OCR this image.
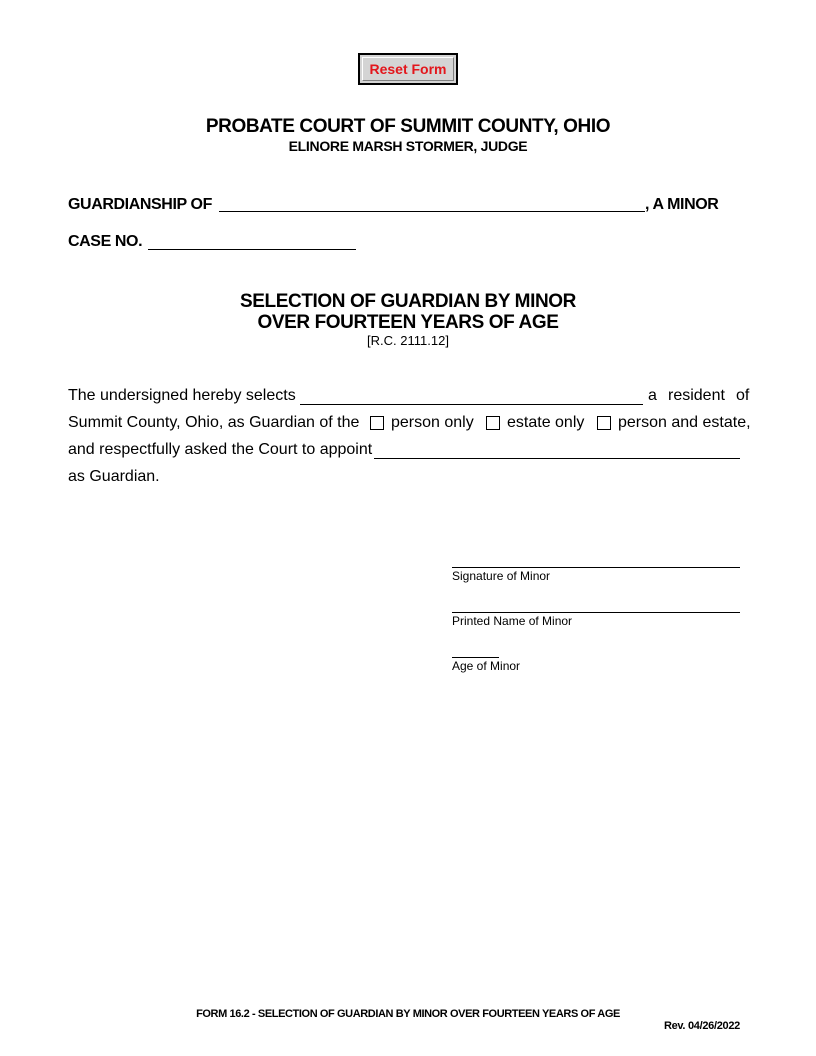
Reset Form
PROBATE COURT OF SUMMIT COUNTY, OHIO
ELINORE MARSH STORMER, JUDGE
GUARDIANSHIP OF	, A MINOR
CASE NO.
SELECTION OF GUARDIAN BY MINOR
OVER FOURTEEN YEARS OF AGE
[R.C. 2111.12]
The undersigned hereby selects	a resident of
Summit County, Ohio, as Guardian of the person only estate only person and estate,
and respectfully asked the Court to appoint
as Guardian.
Signature of Minor
Printed Name of Minor
Age of Minor
FORM 16.2 - SELECTION OF GUARDIAN BY MINOR OVER FOURTEEN YEARS OF AGE
Rev. 04/26/2022
